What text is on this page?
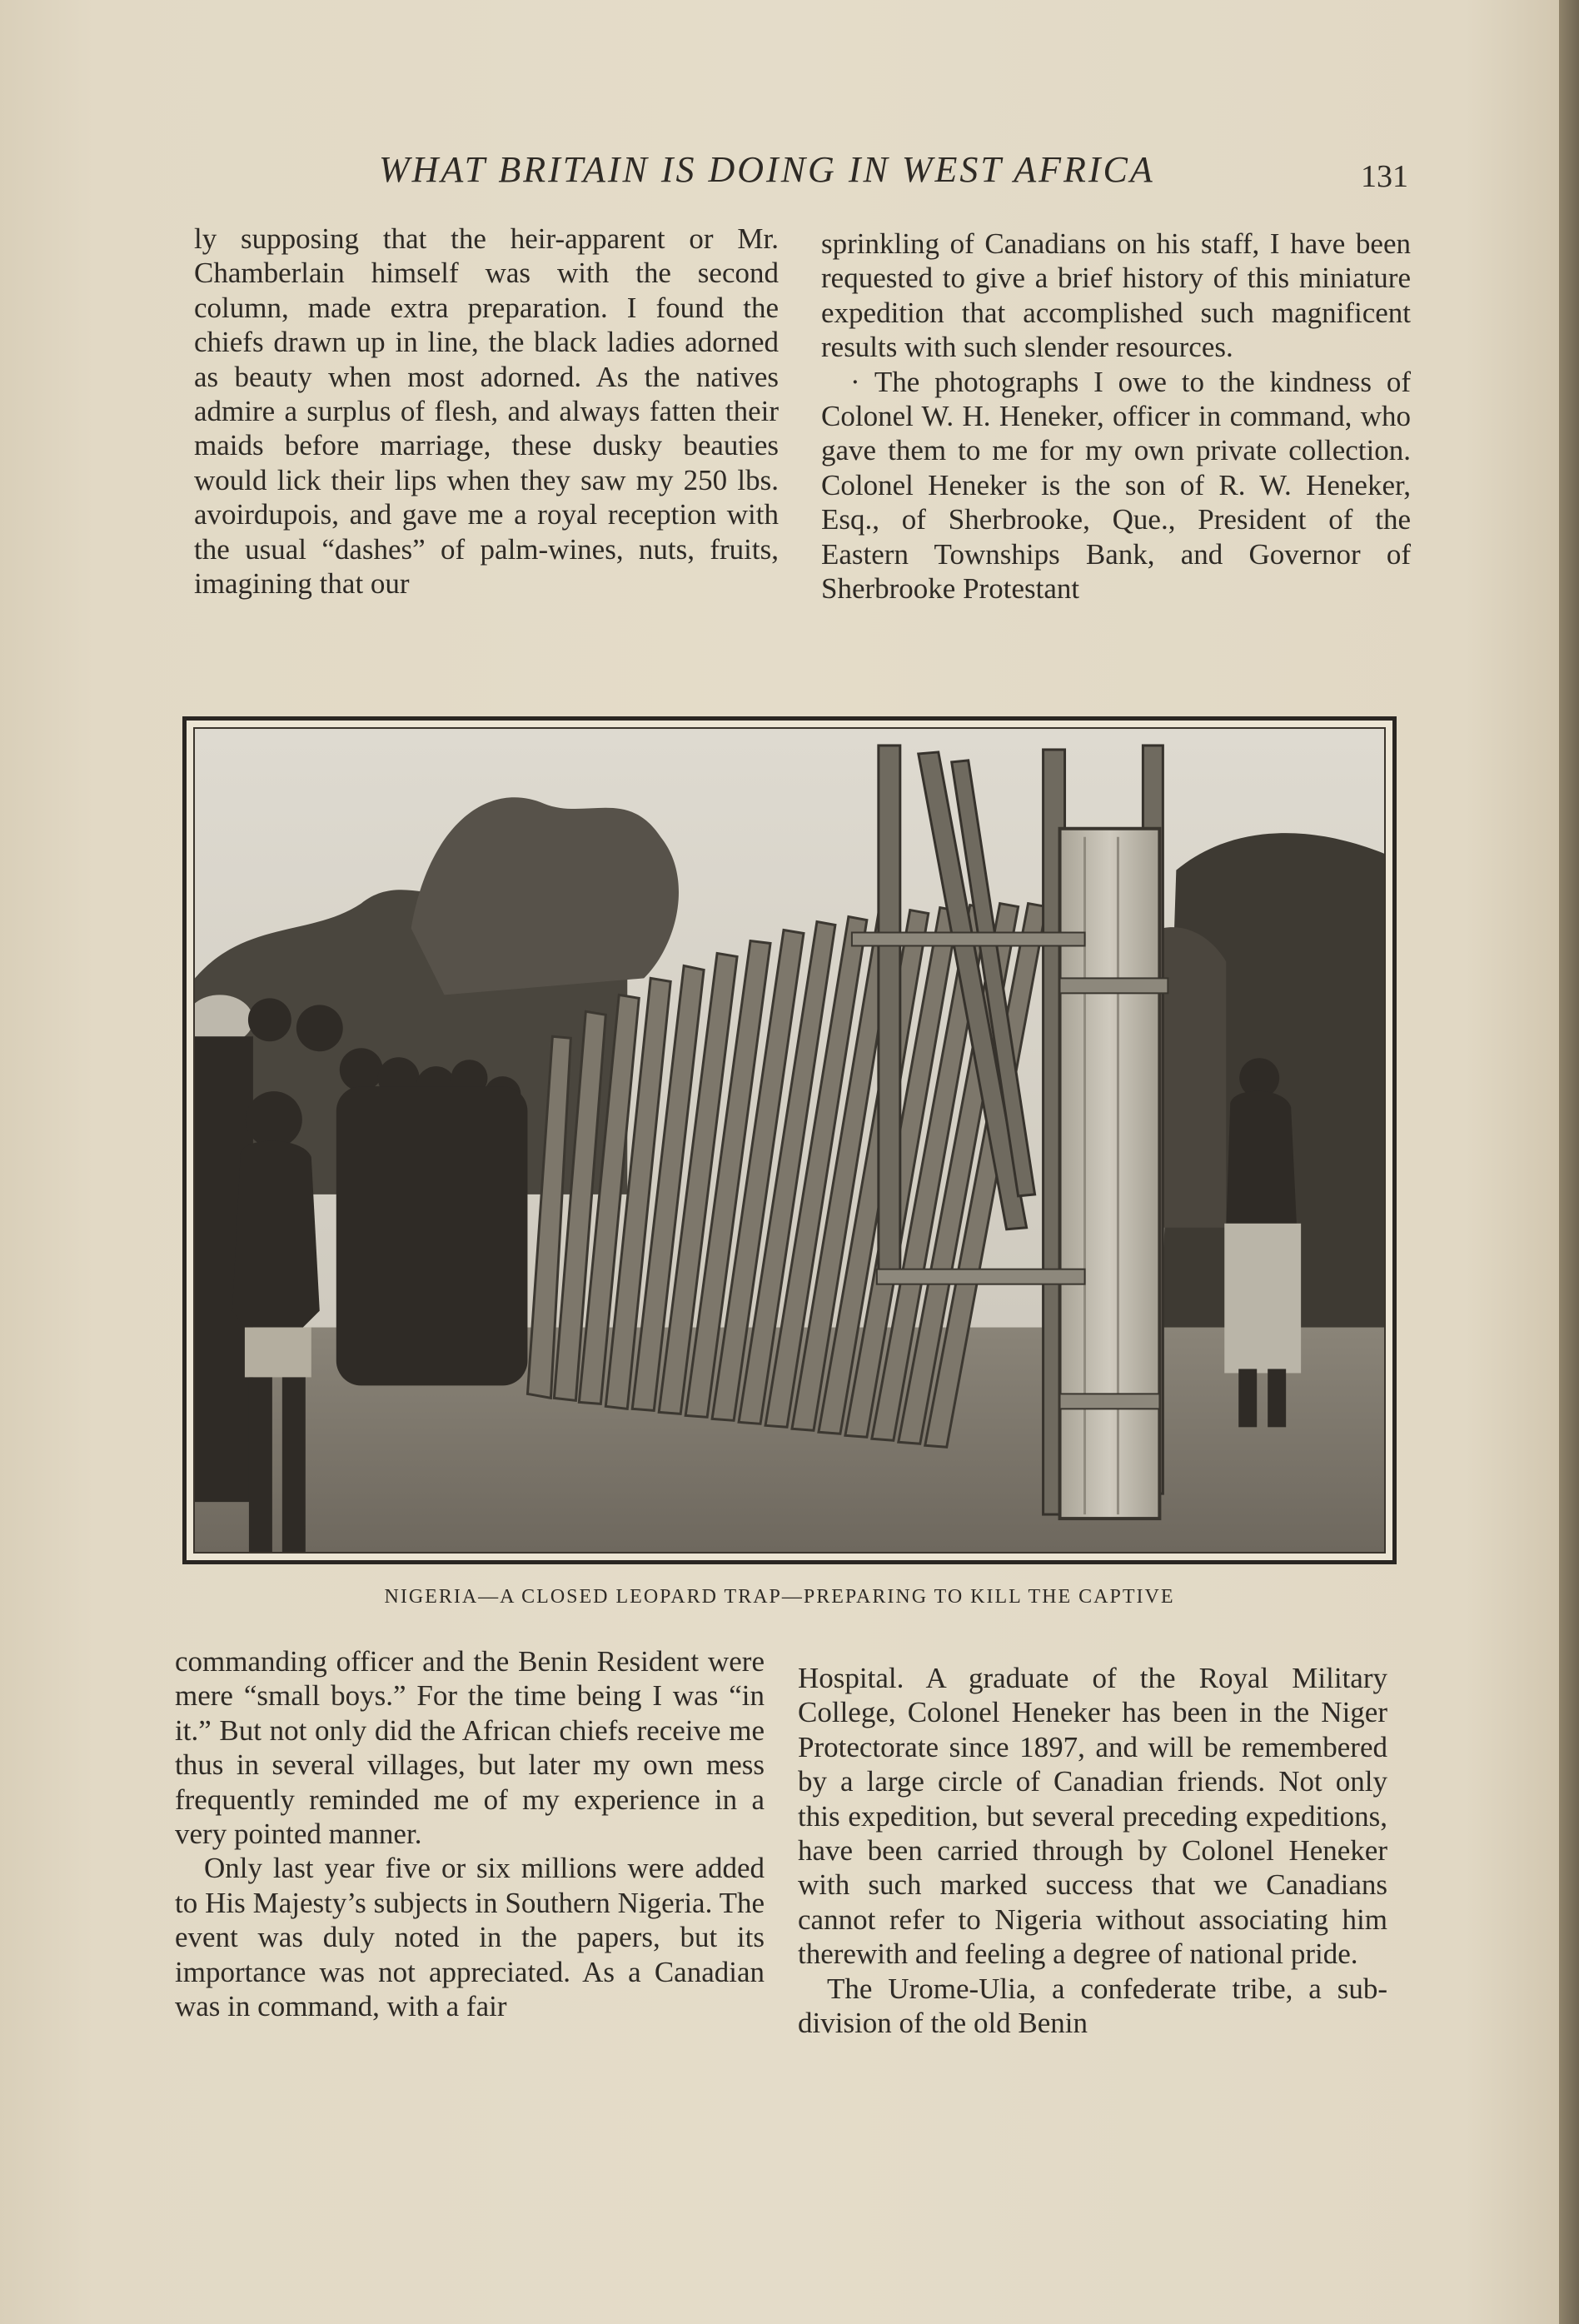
WHAT BRITAIN IS DOING IN WEST AFRICA	131

ly supposing that the heir-apparent or Mr. Chamberlain himself was with the second column, made extra preparation. I found the chiefs drawn up in line, the black ladies adorned as beauty when most adorned. As the natives admire a surplus of flesh, and always fatten their maids before marriage, these dusky beauties would lick their lips when they saw my 250 lbs. avoirdupois, and gave me a royal reception with the usual “dashes” of palm-wines, nuts, fruits, imagining that our

sprinkling of Canadians on his staff, I have been requested to give a brief history of this miniature expedition that accomplished such magnificent results with such slender resources.

· The photographs I owe to the kindness of Colonel W. H. Heneker, officer in command, who gave them to me for my own private collection. Colonel Heneker is the son of R. W. Heneker, Esq., of Sherbrooke, Que., President of the Eastern Townships Bank, and Governor of Sherbrooke Protestant

NIGERIA—A CLOSED LEOPARD TRAP—PREPARING TO KILL THE CAPTIVE

commanding officer and the Benin Resident were mere “small boys.” For the time being I was “in it.” But not only did the African chiefs receive me thus in several villages, but later my own mess frequently reminded me of my experience in a very pointed manner.

Only last year five or six millions were added to His Majesty’s subjects in Southern Nigeria. The event was duly noted in the papers, but its importance was not appreciated. As a Canadian was in command, with a fair

Hospital. A graduate of the Royal Military College, Colonel Heneker has been in the Niger Protectorate since 1897, and will be remembered by a large circle of Canadian friends. Not only this expedition, but several preceding expeditions, have been carried through by Colonel Heneker with such marked success that we Canadians cannot refer to Nigeria without associating him therewith and feeling a degree of national pride.

The Urome-Ulia, a confederate tribe, a sub-division of the old Benin
